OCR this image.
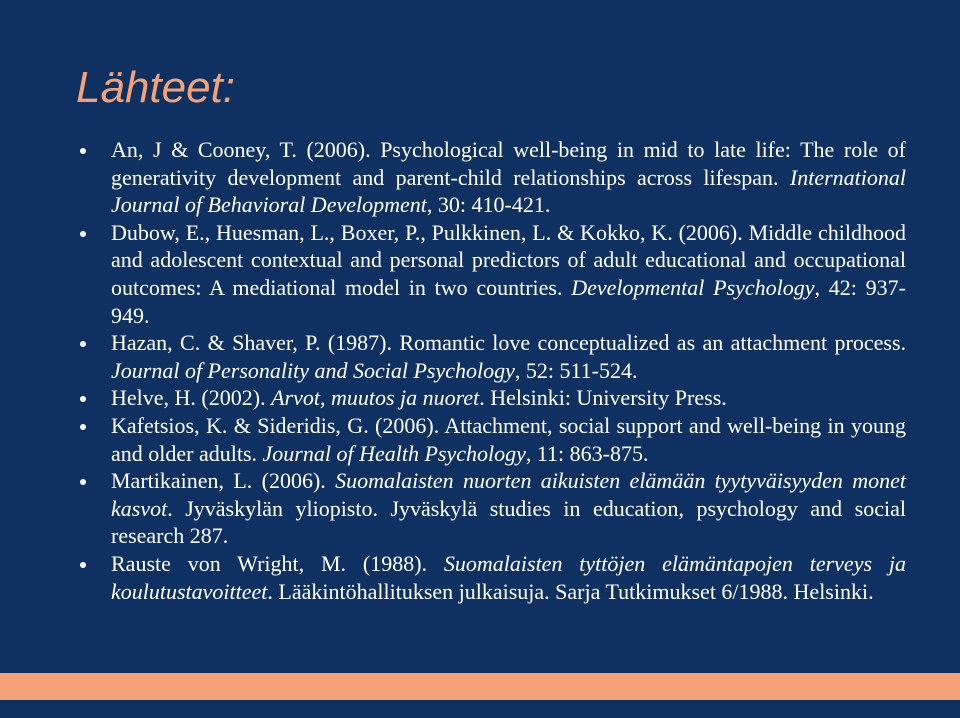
Lähteet:
An, J & Cooney, T. (2006). Psychological well-being in mid to late life: The role of generativity development and parent-child relationships across lifespan. International Journal of Behavioral Development, 30: 410-421.
Dubow, E., Huesman, L., Boxer, P., Pulkkinen, L. & Kokko, K. (2006). Middle childhood and adolescent contextual and personal predictors of adult educational and occupational outcomes: A mediational model in two countries. Developmental Psychology, 42: 937-949.
Hazan, C. & Shaver, P. (1987). Romantic love conceptualized as an attachment process. Journal of Personality and Social Psychology, 52: 511-524.
Helve, H. (2002). Arvot, muutos ja nuoret. Helsinki: University Press.
Kafetsios, K. & Sideridis, G. (2006). Attachment, social support and well-being in young and older adults. Journal of Health Psychology, 11: 863-875.
Martikainen, L. (2006). Suomalaisten nuorten aikuisten elämään tyytyväisyyden monet kasvot. Jyväskylän yliopisto. Jyväskylä studies in education, psychology and social research 287.
Rauste von Wright, M. (1988). Suomalaisten tyttöjen elämäntapojen terveys ja koulutustavoitteet. Lääkintöhallituksen julkaisuja. Sarja Tutkimukset 6/1988. Helsinki.
